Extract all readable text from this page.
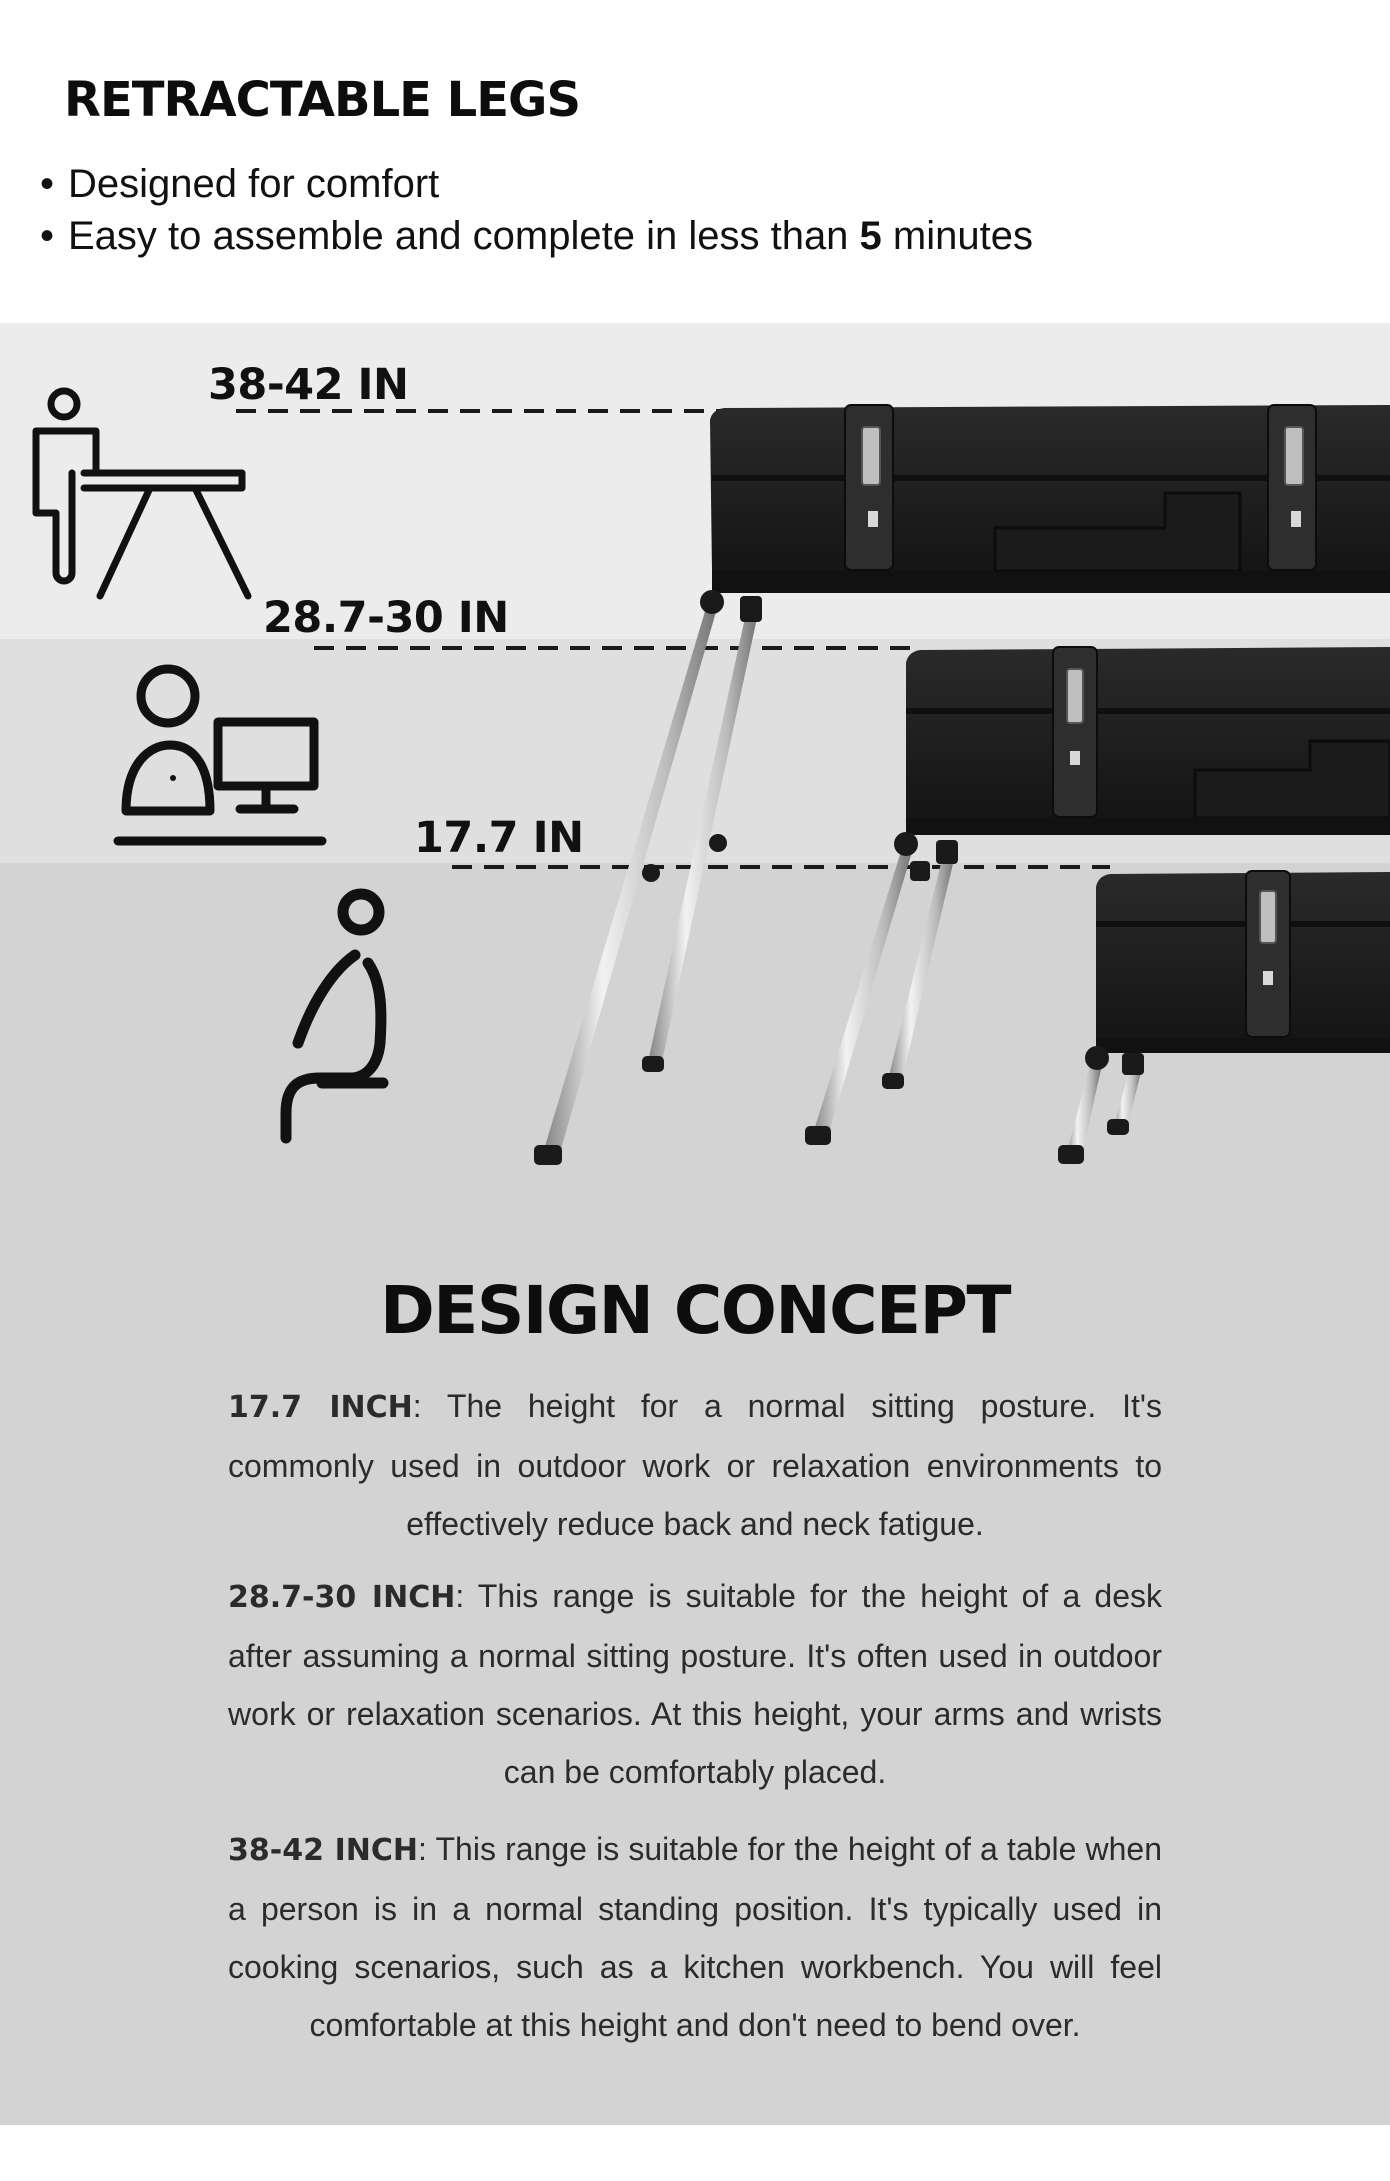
RETRACTABLE LEGS
• Designed for comfort
• Easy to assemble and complete in less than 5 minutes
38-42 IN
28.7-30 IN
17.7 IN
DESIGN CONCEPT

17.7 INCH: The height for a normal sitting posture. It's commonly used in outdoor work or relaxation environments to effectively reduce back and neck fatigue.

28.7-30 INCH: This range is suitable for the height of a desk after assuming a normal sitting posture. It's often used in outdoor work or relaxation scenarios. At this height, your arms and wrists can be comfortably placed.

38-42 INCH: This range is suitable for the height of a table when a person is in a normal standing position. It's typically used in cooking scenarios, such as a kitchen workbench. You will feel comfortable at this height and don't need to bend over.
